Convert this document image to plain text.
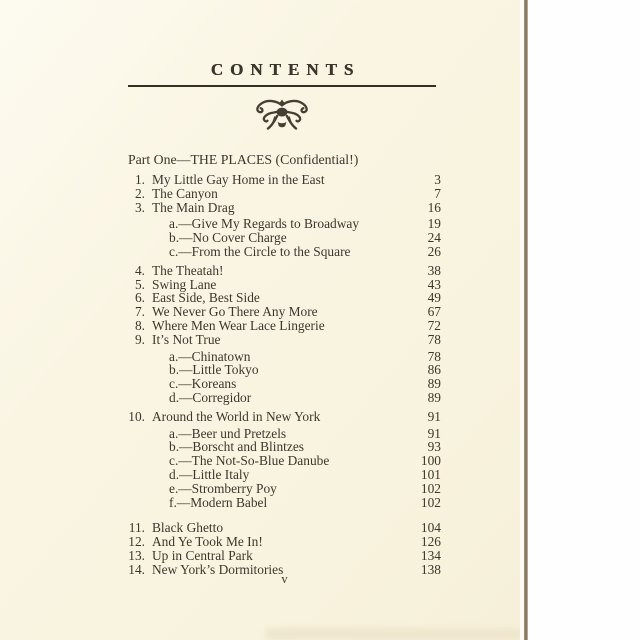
CONTENTS
Part One—THE PLACES (Confidential!)
1. My Little Gay Home in the East	3
2. The Canyon	7
3. The Main Drag	16
a.—Give My Regards to Broadway	19
b.—No Cover Charge	24
c.—From the Circle to the Square	26
4. The Theatah!	38
5. Swing Lane	43
6. East Side, Best Side	49
7. We Never Go There Any More	67
8. Where Men Wear Lace Lingerie	72
9. It’s Not True	78
a.—Chinatown	78
b.—Little Tokyo	86
c.—Koreans	89
d.—Corregidor	89
10. Around the World in New York	91
a.—Beer und Pretzels	91
b.—Borscht and Blintzes	93
c.—The Not-So-Blue Danube	100
d.—Little Italy	101
e.—Stromberry Poy	102
f.—Modern Babel	102
11. Black Ghetto	104
12. And Ye Took Me In!	126
13. Up in Central Park	134
14. New York’s Dormitories	138
v
